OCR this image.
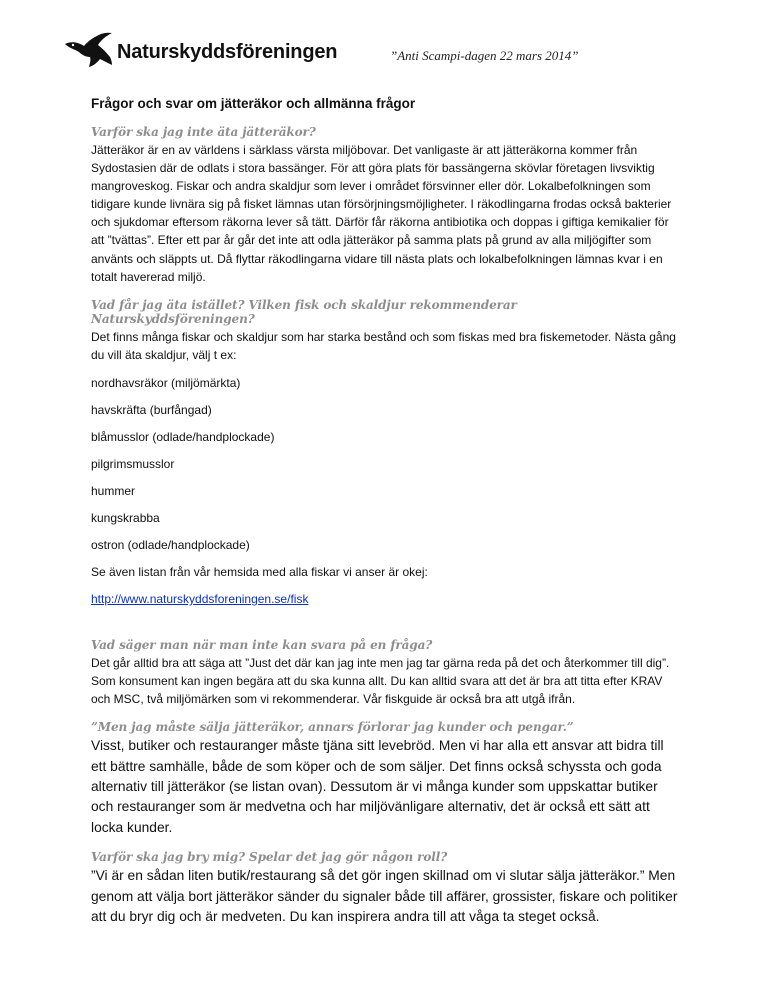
Naturskyddsföreningen	”Anti Scampi-dagen 22 mars 2014”
Frågor och svar om jätteräkor och allmänna frågor
Varför ska jag inte äta jätteräkor?

Jätteräkor är en av världens i särklass värsta miljöbovar. Det vanligaste är att jätteräkorna kommer från Sydostasien där de odlats i stora bassänger. För att göra plats för bassängerna skövlar företagen livsviktig mangroveskog. Fiskar och andra skaldjur som lever i området försvinner eller dör. Lokalbefolkningen som tidigare kunde livnära sig på fisket lämnas utan försörjningsmöjligheter. I räkodlingarna frodas också bakterier och sjukdomar eftersom räkorna lever så tätt. Därför får räkorna antibiotika och doppas i giftiga kemikalier för att ”tvättas”. Efter ett par år går det inte att odla jätteräkor på samma plats på grund av alla miljögifter som använts och släppts ut. Då flyttar räkodlingarna vidare till nästa plats och lokalbefolkningen lämnas kvar i en totalt havererad miljö.

Vad får jag äta istället? Vilken fisk och skaldjur rekommenderar Naturskyddsföreningen?

Det finns många fiskar och skaldjur som har starka bestånd och som fiskas med bra fiskemetoder. Nästa gång du vill äta skaldjur, välj t ex:

nordhavsräkor (miljömärkta)
havskräfta (burfångad)
blåmusslor (odlade/handplockade)
pilgrimsmusslor
hummer
kungskrabba
ostron (odlade/handplockade)
Se även listan från vår hemsida med alla fiskar vi anser är okej:
http://www.naturskyddsforeningen.se/fisk
Vad säger man när man inte kan svara på en fråga?

Det går alltid bra att säga att ”Just det där kan jag inte men jag tar gärna reda på det och återkommer till dig”. Som konsument kan ingen begära att du ska kunna allt. Du kan alltid svara att det är bra att titta efter KRAV och MSC, två miljömärken som vi rekommenderar. Vår fiskguide är också bra att utgå ifrån.

”Men jag måste sälja jätteräkor, annars förlorar jag kunder och pengar.”

Visst, butiker och restauranger måste tjäna sitt levebröd. Men vi har alla ett ansvar att bidra till ett bättre samhälle, både de som köper och de som säljer. Det finns också schyssta och goda alternativ till jätteräkor (se listan ovan). Dessutom är vi många kunder som uppskattar butiker och restauranger som är medvetna och har miljövänligare alternativ, det är också ett sätt att locka kunder.

Varför ska jag bry mig? Spelar det jag gör någon roll?

”Vi är en sådan liten butik/restaurang så det gör ingen skillnad om vi slutar sälja jätteräkor.” Men genom att välja bort jätteräkor sänder du signaler både till affärer, grossister, fiskare och politiker att du bryr dig och är medveten. Du kan inspirera andra till att våga ta steget också.
